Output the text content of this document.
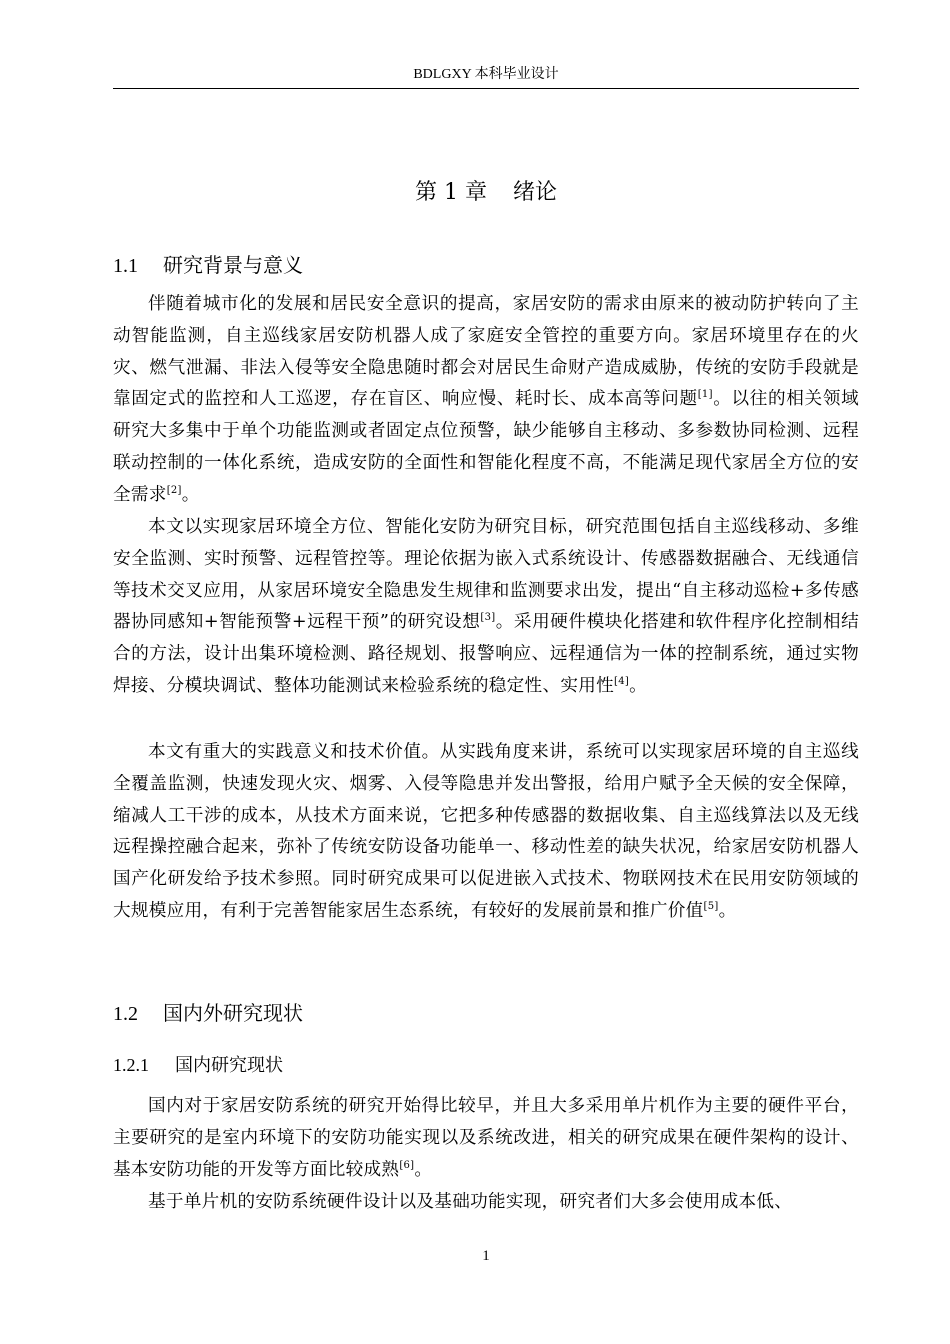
BDLGXY 本科毕业设计
第 1 章 绪论
1.1 研究背景与意义

伴随着城市化的发展和居民安全意识的提高，家居安防的需求由原来的被动防护转向了主动智能监测，自主巡线家居安防机器人成了家庭安全管控的重要方向。家居环境里存在的火灾、燃气泄漏、非法入侵等安全隐患随时都会对居民生命财产造成威胁，传统的安防手段就是靠固定式的监控和人工巡逻，存在盲区、响应慢、耗时长、成本高等问题[1]。以往的相关领域研究大多集中于单个功能监测或者固定点位预警，缺少能够自主移动、多参数协同检测、远程联动控制的一体化系统，造成安防的全面性和智能化程度不高，不能满足现代家居全方位的安全需求[2]。

本文以实现家居环境全方位、智能化安防为研究目标，研究范围包括自主巡线移动、多维安全监测、实时预警、远程管控等。理论依据为嵌入式系统设计、传感器数据融合、无线通信等技术交叉应用，从家居环境安全隐患发生规律和监测要求出发，提出“自主移动巡检+多传感器协同感知+智能预警+远程干预”的研究设想[3]。采用硬件模块化搭建和软件程序化控制相结合的方法，设计出集环境检测、路径规划、报警响应、远程通信为一体的控制系统，通过实物焊接、分模块调试、整体功能测试来检验系统的稳定性、实用性[4]。

本文有重大的实践意义和技术价值。从实践角度来讲，系统可以实现家居环境的自主巡线全覆盖监测，快速发现火灾、烟雾、入侵等隐患并发出警报，给用户赋予全天候的安全保障，缩减人工干涉的成本，从技术方面来说，它把多种传感器的数据收集、自主巡线算法以及无线远程操控融合起来，弥补了传统安防设备功能单一、移动性差的缺失状况，给家居安防机器人国产化研发给予技术参照。同时研究成果可以促进嵌入式技术、物联网技术在民用安防领域的大规模应用，有利于完善智能家居生态系统，有较好的发展前景和推广价值[5]。

1.2 国内外研究现状
1.2.1 国内研究现状

国内对于家居安防系统的研究开始得比较早，并且大多采用单片机作为主要的硬件平台，主要研究的是室内环境下的安防功能实现以及系统改进，相关的研究成果在硬件架构的设计、基本安防功能的开发等方面比较成熟[6]。

基于单片机的安防系统硬件设计以及基础功能实现，研究者们大多会使用成本低、

1
